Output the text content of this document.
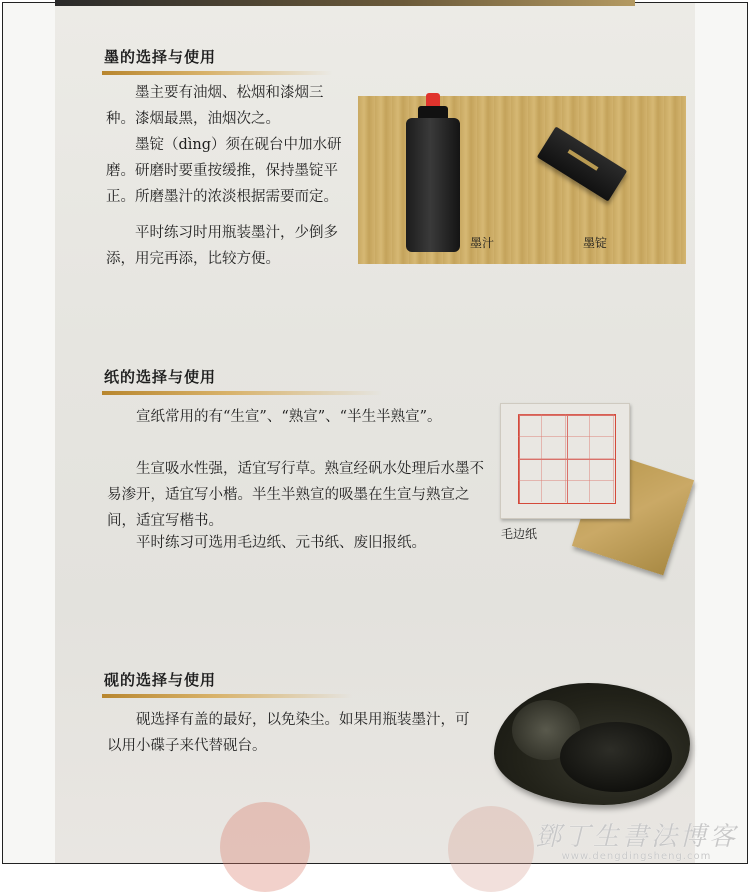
墨的选择与使用

墨主要有油烟、松烟和漆烟三种。漆烟最黑，油烟次之。

墨锭（dìng）须在砚台中加水研磨。研磨时要重按缓推，保持墨锭平正。所磨墨汁的浓淡根据需要而定。

平时练习时用瓶装墨汁，少倒多添，用完再添，比较方便。

墨汁	墨锭
纸的选择与使用

宣纸常用的有“生宣”、“熟宣”、“半生半熟宣”。

生宣吸水性强，适宜写行草。熟宣经矾水处理后水墨不易渗开，适宜写小楷。半生半熟宣的吸墨在生宣与熟宣之间，适宜写楷书。

平时练习可选用毛边纸、元书纸、废旧报纸。

毛边纸
砚的选择与使用

砚选择有盖的最好，以免染尘。如果用瓶装墨汁，可以用小碟子来代替砚台。

鄧丁生書法博客
www.dengdingsheng.com
